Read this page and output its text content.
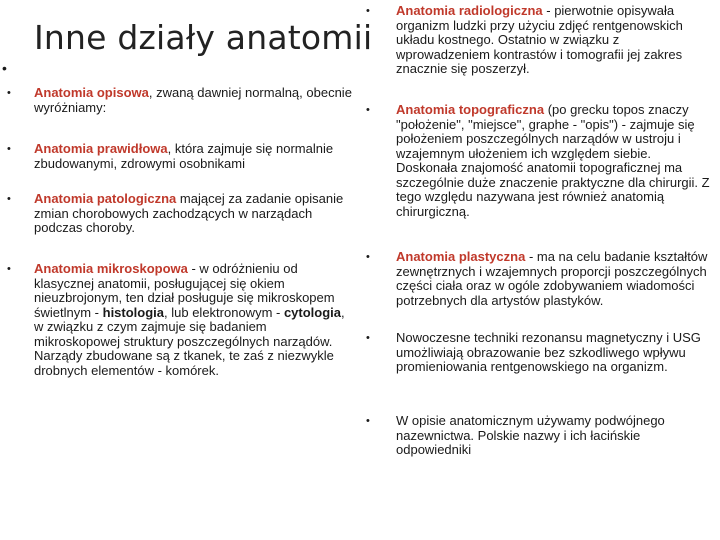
Inne działy anatomii
•
• Anatomia opisowa, zwaną dawniej normalną, obecnie wyróżniamy:
• Anatomia prawidłowa, która zajmuje się normalnie zbudowanymi, zdrowymi osobnikami
• Anatomia patologiczna mającej za zadanie opisanie zmian chorobowych zachodzących w narządach podczas choroby.
• Anatomia mikroskopowa - w odróżnieniu od klasycznej anatomii, posługującej się okiem nieuzbrojonym, ten dział posługuje się mikroskopem świetlnym - histologia, lub elektronowym - cytologia, w związku z czym zajmuje się badaniem mikroskopowej struktury poszczególnych narządów. Narządy zbudowane są z tkanek, te zaś z niezwykle drobnych elementów - komórek.
• Anatomia radiologiczna - pierwotnie opisywała organizm ludzki przy użyciu zdjęć rentgenowskich układu kostnego. Ostatnio w związku z wprowadzeniem kontrastów i tomografii jej zakres znacznie się poszerzył.
• Anatomia topograficzna (po grecku topos znaczy "położenie", "miejsce", graphe - "opis") - zajmuje się położeniem poszczególnych narządów w ustroju i wzajemnym ułożeniem ich względem siebie. Doskonała znajomość anatomii topograficznej ma szczególnie duże znaczenie praktyczne dla chirurgii. Z tego względu nazywana jest również anatomią chirurgiczną.
• Anatomia plastyczna - ma na celu badanie kształtów zewnętrznych i wzajemnych proporcji poszczególnych części ciała oraz w ogóle zdobywaniem wiadomości potrzebnych dla artystów plastyków.
• Nowoczesne techniki rezonansu magnetyczny i USG umożliwiają obrazowanie bez szkodliwego wpływu promieniowania rentgenowskiego na organizm.
• W opisie anatomicznym używamy podwójnego nazewnictwa. Polskie nazwy i ich łacińskie odpowiedniki
